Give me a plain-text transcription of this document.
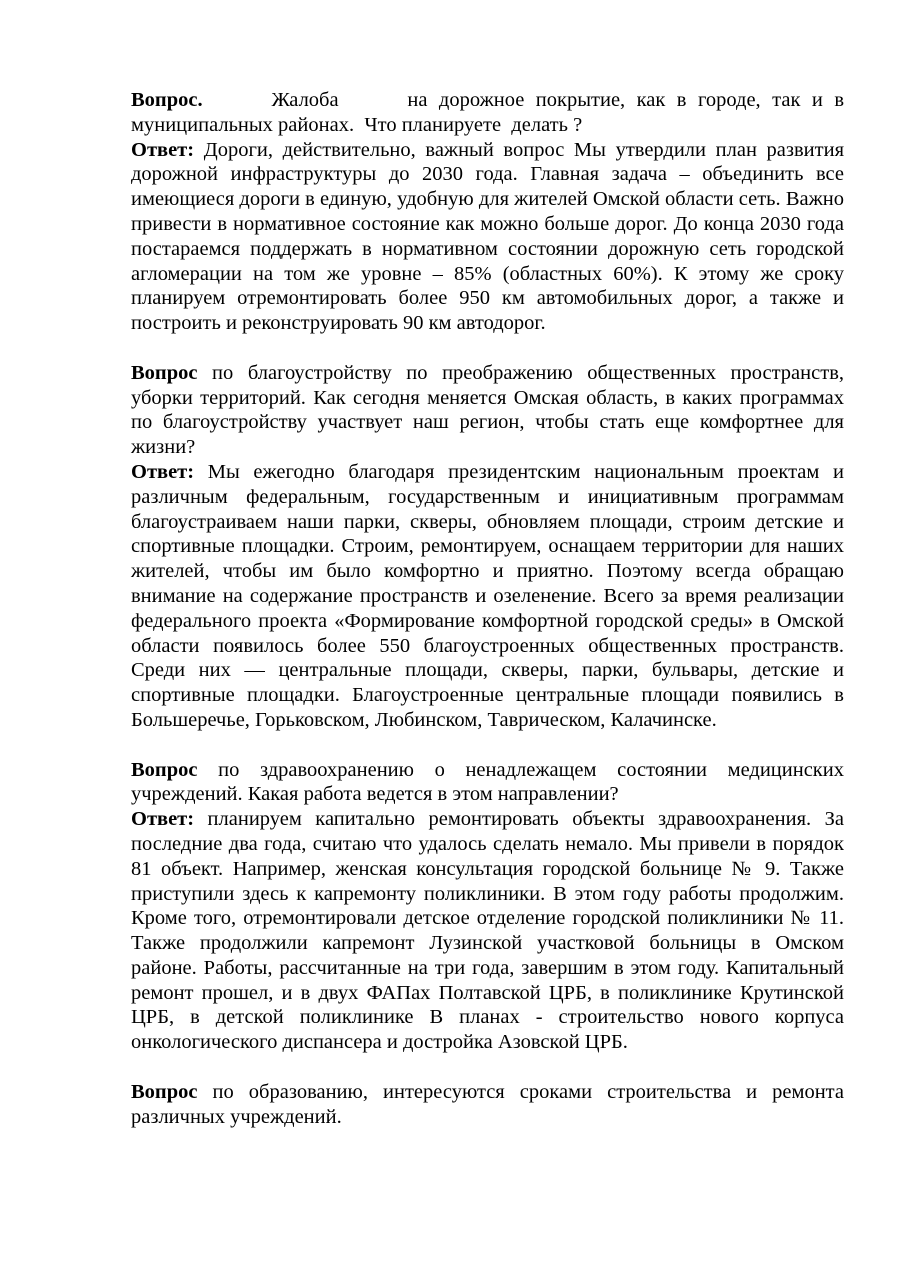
Вопрос.      Жалоба      на дорожное покрытие, как в городе, так и в муниципальных районах.  Что планируете  делать ?

Ответ: Дороги, действительно, важный вопрос Мы утвердили план развития дорожной инфраструктуры до 2030 года. Главная задача – объединить все имеющиеся дороги в единую, удобную для жителей Омской области сеть. Важно привести в нормативное состояние как можно больше дорог. До конца 2030 года постараемся поддержать в нормативном состоянии дорожную сеть городской агломерации на том же уровне – 85% (областных 60%). К этому же сроку планируем отремонтировать более 950 км автомобильных дорог, а также и построить и реконструировать 90 км автодорог.

Вопрос по благоустройству по преображению общественных пространств, уборки территорий. Как сегодня меняется Омская область, в каких программах по благоустройству участвует наш регион, чтобы стать еще комфортнее для жизни?

Ответ: Мы ежегодно благодаря президентским национальным проектам и различным федеральным, государственным и инициативным программам благоустраиваем наши парки, скверы, обновляем площади, строим детские и спортивные площадки. Строим, ремонтируем, оснащаем территории для наших жителей, чтобы им было комфортно и приятно. Поэтому всегда обращаю внимание на содержание пространств и озеленение. Всего за время реализации федерального проекта «Формирование комфортной городской среды» в Омской области появилось более 550 благоустроенных общественных пространств. Среди них — центральные площади, скверы, парки, бульвары, детские и спортивные площадки. Благоустроенные центральные площади появились в Большеречье, Горьковском, Любинском, Таврическом, Калачинске.

Вопрос по здравоохранению о ненадлежащем состоянии медицинских учреждений. Какая работа ведется в этом направлении?

Ответ: планируем капитально ремонтировать объекты здравоохранения. За последние два года, считаю что удалось сделать немало. Мы привели в порядок 81 объект. Например, женская консультация городской больнице № 9. Также приступили здесь к капремонту поликлиники. В этом году работы продолжим. Кроме того, отремонтировали детское отделение городской поликлиники № 11. Также продолжили капремонт Лузинской участковой больницы в Омском районе. Работы, рассчитанные на три года, завершим в этом году. Капитальный ремонт прошел, и в двух ФАПах Полтавской ЦРБ, в поликлинике Крутинской ЦРБ, в детской поликлинике В планах - строительство нового корпуса онкологического диспансера и достройка Азовской ЦРБ.

Вопрос по образованию, интересуются сроками строительства и ремонта различных учреждений.
